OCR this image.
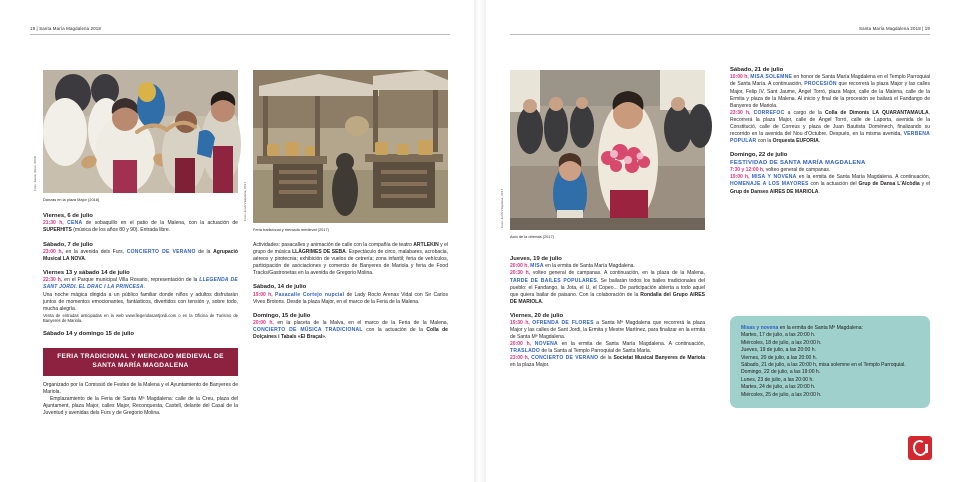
18 | Santa María Magdalena 2018
Foto: Javier Abós, 2018
Danzas en la plaza Major (2018)	Foto: Jordi Vilaplana, 2017
Feria tradicional y mercado medieval (2017)
Viernes, 6 de julio

21:30 h, CENA de sobaquillo en el patio de la Malena, con la actuación de SUPERHITS (música de los años 80 y 90). Entrada libre.

Sábado, 7 de julio

23:00 h, en la avenida dels Furs, CONCIERTO DE VERANO de la Agrupació Musical LA NOVA.

Viernes 13 y sábado 14 de julio

22:30 h, en el Parque municipal Villa Rosario, representación de la LLEGENDA DE SANT JORDI. EL DRAC I LA PRINCESA.

Una noche mágica dirigida a un público familiar donde niños y adultos disfrutarán juntos de momentos emocionantes, fantásticos, divertidos con tensión y, sobre todo, mucha alegría.

Venta de entradas anticipadas en la web www.llegendasantjordi.com o en la Oficina de Turismo de Banyeres de Mariola.

Sábado 14 y domingo 15 de julio
FERIA TRADICIONAL Y MERCADO MEDIEVAL DE SANTA MARÍA MAGDALENA

Organizado por la Comissió de Festes de la Malena y el Ayuntamiento de Banyeres de Mariola.

Emplazamiento de la Feria de Santa Mª Magdalena: calle de la Creu, plaza del Ajuntament, plaza Major, calles Major, Reconquesta, Castell, delante del Casal de la Juventud y avenidas dels Furs y de Gregorio Molina.

Actividades: pasacalles y animación de calle con la compañía de teatro ARTLEKIN y el grupo de música LLÀGRIMES DE SEBA. Espectáculo de circo, malabares, acrobacia, aéreos y pirotecnia; exhibición de vuelos de cetrería; zona infantil; feria de vehículos, participación de asociaciones y comercio de Banyeres de Mariola y feria de Food Tracks/Gastronetas en la avenida de Gregorio Molina.

Sábado, 14 de julio

19:00 h, Pasacalle Cortejo nupcial de Lady Rocío Arenas Vidal con Sir Carlos Vives Brotons. Desde la plaza Major, en el marco de la Feria de la Malena.

Domingo, 15 de julio

20:00 h, en la placeta de la Malva, en el marco de la Feria de la Malena, CONCIERTO DE MÚSICA TRADICIONAL con la actuación de la Colla de Dolçaines i Tabals «El Braçal».

Santa María Magdalena 2018 | 19
Foto: Jordi Vilaplana, 2017
Acto de la ofrenda (2017)
Jueves, 19 de julio

20:00 h, MISA en la ermita de Santa María Magdalena.

20:30 h, volteo general de campanas. A continuación, en la plaza de la Malena, TARDE DE BAILES POPULARES. Se bailarán todos los bailes tradicionales del pueblo: el Fandango, la Jota, el U, el Copeo... De participación abierta a todo aquel que quiera bailar de paisano. Con la colaboración de la Rondalla del Grupo AIRES DE MARIOLA.

Viernes, 20 de julio

19:30 h, OFRENDA DE FLORES a Santa Mª Magdalena que recorrerá la plaza Major y las calles de Sant Jordi, la Ermita y Mestre Martínez, para finalizar en la ermita de Santa Mª Magdalena.

20:00 h, NOVENA en la ermita de Santa María Magdalena. A continuación, TRASLADO de la Santa al Templo Parroquial de Santa María.

23:00 h, CONCIERTO DE VERANO de la Societat Musical Banyeres de Mariola en la plaza Major.

Sábado, 21 de julio

10:00 h, MISA SOLEMNE en honor de Santa María Magdalena en el Templo Parroquial de Santa María. A continuación, PROCESIÓN que recorrerá la plaza Major y las calles Major, Felip IV, Sant Jaume, Àngel Torró, plaza Major, calle de la Malena, calle de la Ermita y plaza de la Malena. Al inicio y final de la procesión se bailará el Fandango de Banyeres de Mariola.

23:30 h, CORREFOC a cargo de la Colla de Dimonis LA QUARANTAMAULA. Recorrerá la plaza Major, calle de Àngel Torró, calle de Laporta, avenida de la Constitució, calle de Correus y plaza de Juan Bautista Doménech, finalizando su recorrido en la avenida del Nou d'Octubre. Después, en la misma avenida, VERBENA POPULAR con la Orquesta EUFORIA.

Domingo, 22 de julio

FESTIVIDAD DE SANTA MARÍA MAGDALENA

7:30 y 12:00 h, volteo general de campanas.

19:00 h, MISA Y NOVENA en la ermita de Santa María Magdalena. A continuación, HOMENAJE A LOS MAYORES con la actuación del Grup de Dansa L'Alcòdia y el Grup de Danses AIRES DE MARIOLA.

Misas y novena en la ermita de Santa Mª Magdalena:

Martes, 17 de julio, a las 20:00 h.

Miércoles, 18 de julio, a las 20:00 h.

Jueves, 19 de julio, a las 20:00 h.

Viernes, 20 de julio, a las 20:00 h.

Sábado, 21 de julio, a las 20:00 h, misa solemne en el Templo Parroquial.

Domingo, 22 de julio, a las 19:00 h.

Lunes, 23 de julio, a las 20:00 h.

Martes, 24 de julio, a las 20:00 h.

Miércoles, 25 de julio, a las 20:00 h.
